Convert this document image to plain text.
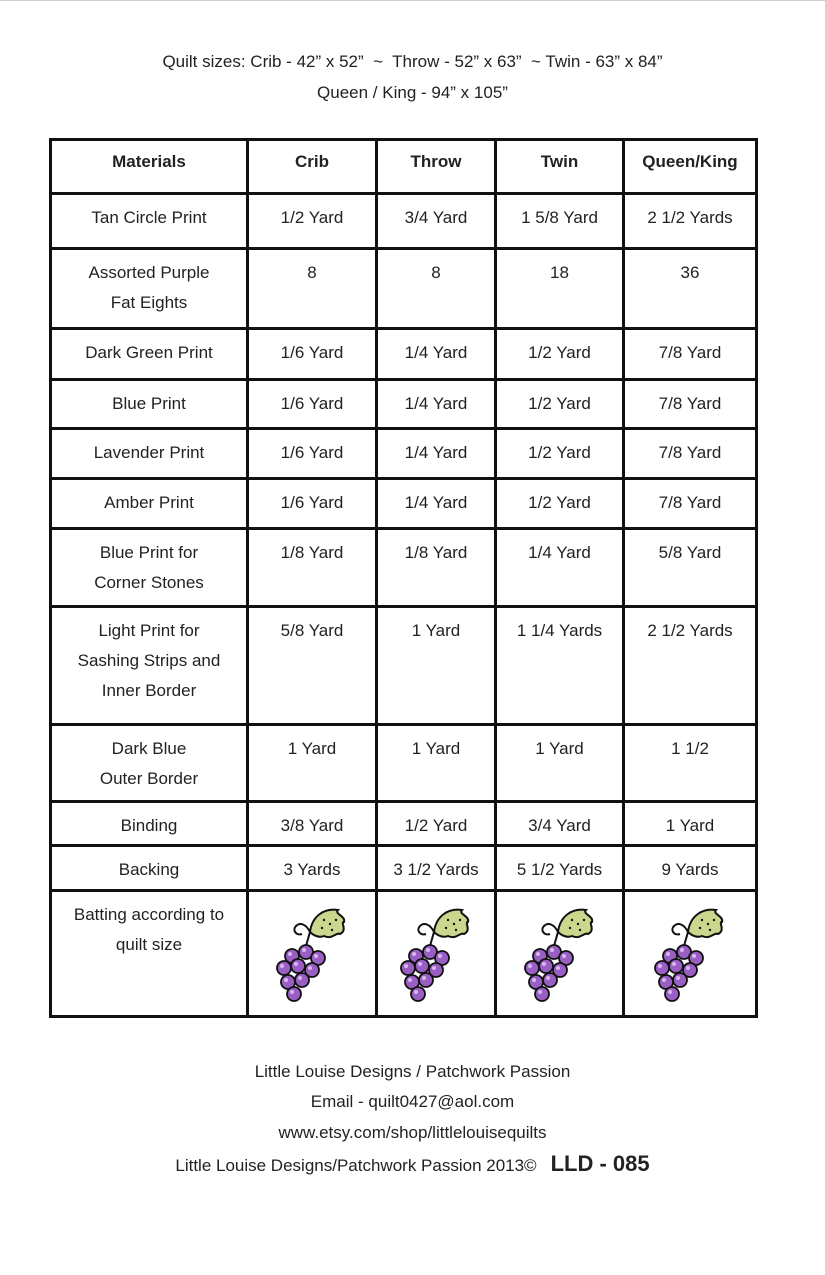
Quilt sizes: Crib - 42” x 52”  ~  Throw - 52” x 63”  ~ Twin - 63” x 84”
Queen / King - 94” x 105”
Materials	Crib	Throw	Twin	Queen/King

Tan Circle Print	1/2 Yard	3/4 Yard	1 5/8 Yard	2 1/2 Yards

Assorted Purple
Fat Eights	8	8	18	36

Dark Green Print	1/6 Yard	1/4 Yard	1/2 Yard	7/8 Yard

Blue Print	1/6 Yard	1/4 Yard	1/2 Yard	7/8 Yard

Lavender Print	1/6 Yard	1/4 Yard	1/2 Yard	7/8 Yard

Amber Print	1/6 Yard	1/4 Yard	1/2 Yard	7/8 Yard

Blue Print for
Corner Stones	1/8 Yard	1/8 Yard	1/4 Yard	5/8 Yard

Light Print for
Sashing Strips and
Inner Border	5/8 Yard	1 Yard	1 1/4 Yards	2 1/2 Yards

Dark Blue
Outer Border	1 Yard	1 Yard	1 Yard	1 1/2

Binding	3/8 Yard	1/2 Yard	3/4 Yard	1 Yard

Backing	3 Yards	3 1/2 Yards	5 1/2 Yards	9 Yards

Batting according to
quilt size

Little Louise Designs / Patchwork Passion
Email - quilt0427@aol.com
www.etsy.com/shop/littlelouisequilts
Little Louise Designs/Patchwork Passion 2013© LLD - 085
